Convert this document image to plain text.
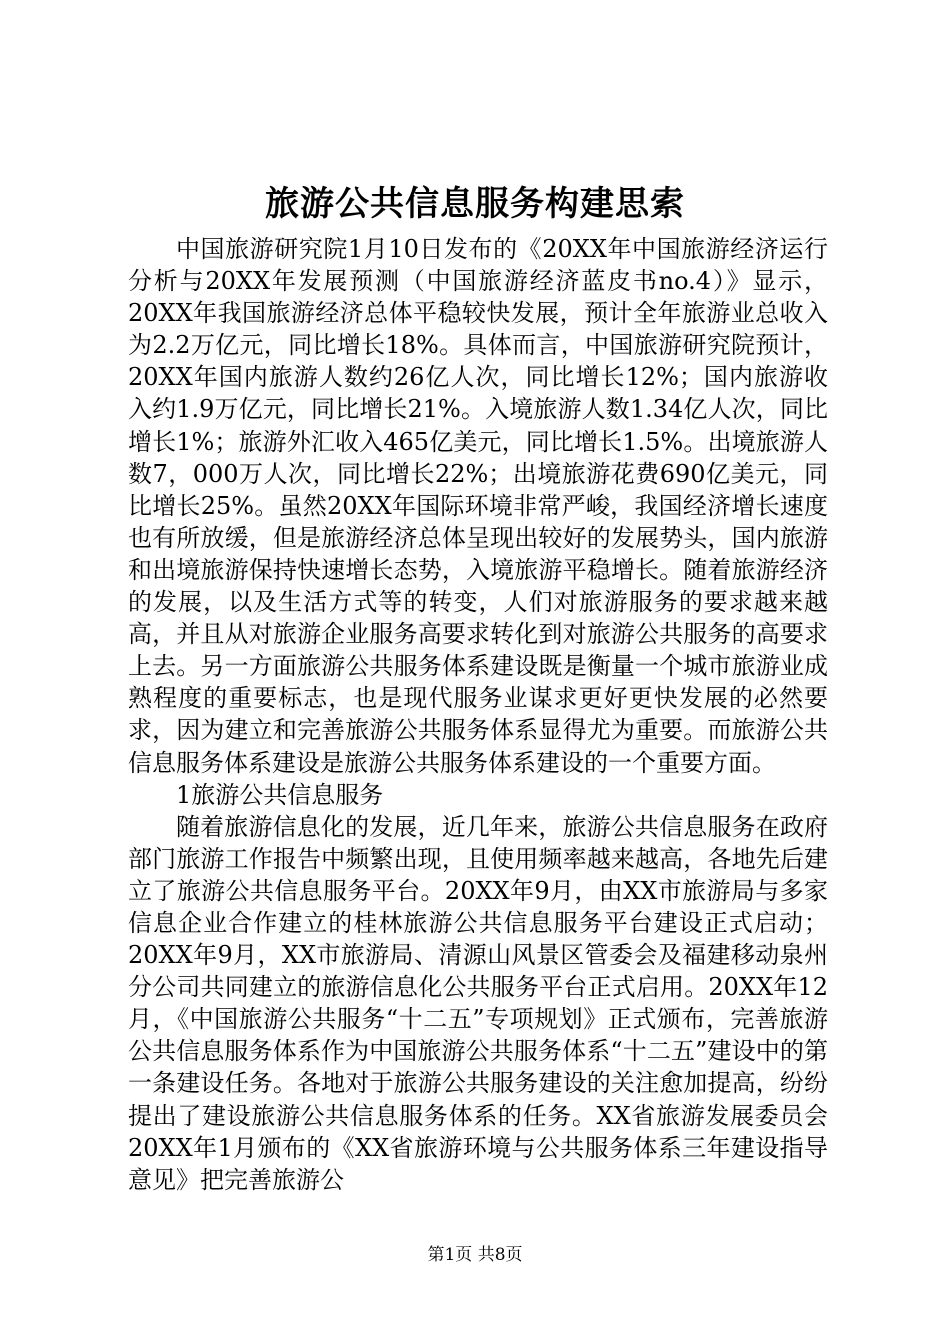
旅游公共信息服务构建思索

中国旅游研究院1月10日发布的《20XX年中国旅游经济运行分析与20XX年发展预测（中国旅游经济蓝皮书no.4）》显示，20XX年我国旅游经济总体平稳较快发展，预计全年旅游业总收入为2.2万亿元，同比增长18%。具体而言，中国旅游研究院预计，20XX年国内旅游人数约26亿人次，同比增长12%；国内旅游收入约1.9万亿元，同比增长21%。入境旅游人数1.34亿人次，同比增长1%；旅游外汇收入465亿美元，同比增长1.5%。出境旅游人数7，000万人次，同比增长22%；出境旅游花费690亿美元，同比增长25%。虽然20XX年国际环境非常严峻，我国经济增长速度也有所放缓，但是旅游经济总体呈现出较好的发展势头，国内旅游和出境旅游保持快速增长态势，入境旅游平稳增长。随着旅游经济的发展，以及生活方式等的转变，人们对旅游服务的要求越来越高，并且从对旅游企业服务高要求转化到对旅游公共服务的高要求上去。另一方面旅游公共服务体系建设既是衡量一个城市旅游业成熟程度的重要标志，也是现代服务业谋求更好更快发展的必然要求，因为建立和完善旅游公共服务体系显得尤为重要。而旅游公共信息服务体系建设是旅游公共服务体系建设的一个重要方面。

1旅游公共信息服务

随着旅游信息化的发展，近几年来，旅游公共信息服务在政府部门旅游工作报告中频繁出现，且使用频率越来越高，各地先后建立了旅游公共信息服务平台。20XX年9月，由XX市旅游局与多家信息企业合作建立的桂林旅游公共信息服务平台建设正式启动；20XX年9月，XX市旅游局、清源山风景区管委会及福建移动泉州分公司共同建立的旅游信息化公共服务平台正式启用。20XX年12月，《中国旅游公共服务“十二五”专项规划》正式颁布，完善旅游公共信息服务体系作为中国旅游公共服务体系“十二五”建设中的第一条建设任务。各地对于旅游公共服务建设的关注愈加提高，纷纷提出了建设旅游公共信息服务体系的任务。XX省旅游发展委员会20XX年1月颁布的《XX省旅游环境与公共服务体系三年建设指导意见》把完善旅游公

第1页 共8页
